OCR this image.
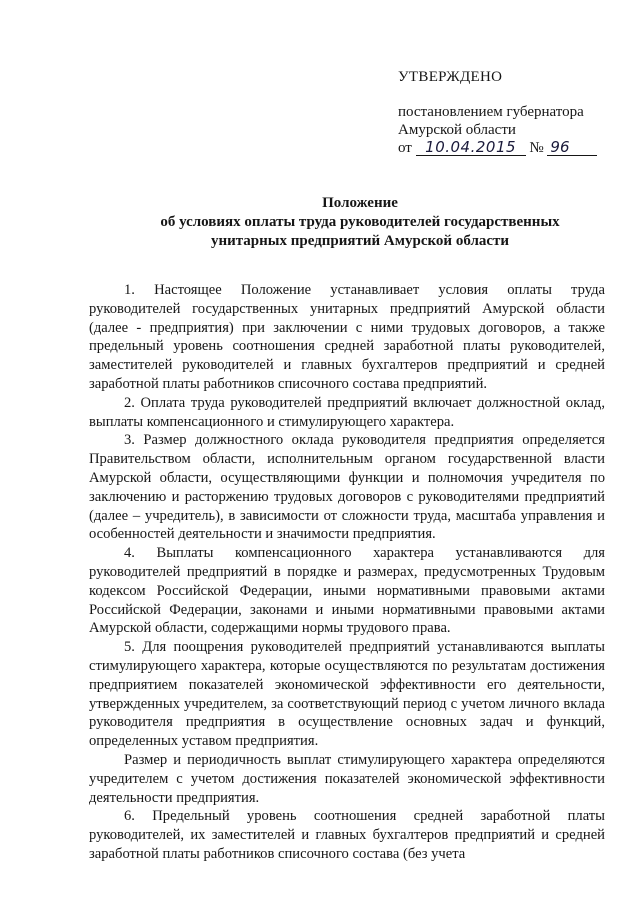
УТВЕРЖДЕНО
постановлением губернатора
Амурской области
от 10.04.2015 № 96
Положение
об условиях оплаты труда руководителей государственных
унитарных предприятий Амурской области

1. Настоящее Положение устанавливает условия оплаты труда руководителей государственных унитарных предприятий Амурской области (далее - предприятия) при заключении с ними трудовых договоров, а также предельный уровень соотношения средней заработной платы руководителей, заместителей руководителей и главных бухгалтеров предприятий и средней заработной платы работников списочного состава предприятий.

2. Оплата труда руководителей предприятий включает должностной оклад, выплаты компенсационного и стимулирующего характера.

3. Размер должностного оклада руководителя предприятия определяется Правительством области, исполнительным органом государственной власти Амурской области, осуществляющими функции и полномочия учредителя по заключению и расторжению трудовых договоров с руководителями предприятий (далее – учредитель), в зависимости от сложности труда, масштаба управления и особенностей деятельности и значимости предприятия.

4. Выплаты компенсационного характера устанавливаются для руководителей предприятий в порядке и размерах, предусмотренных Трудовым кодексом Российской Федерации, иными нормативными правовыми актами Российской Федерации, законами и иными нормативными правовыми актами Амурской области, содержащими нормы трудового права.

5. Для поощрения руководителей предприятий устанавливаются выплаты стимулирующего характера, которые осуществляются по результатам достижения предприятием показателей экономической эффективности его деятельности, утвержденных учредителем, за соответствующий период с учетом личного вклада руководителя предприятия в осуществление основных задач и функций, определенных уставом предприятия.

Размер и периодичность выплат стимулирующего характера определяются учредителем с учетом достижения показателей экономической эффективности деятельности предприятия.

6. Предельный уровень соотношения средней заработной платы руководителей, их заместителей и главных бухгалтеров предприятий и средней заработной платы работников списочного состава (без учета
